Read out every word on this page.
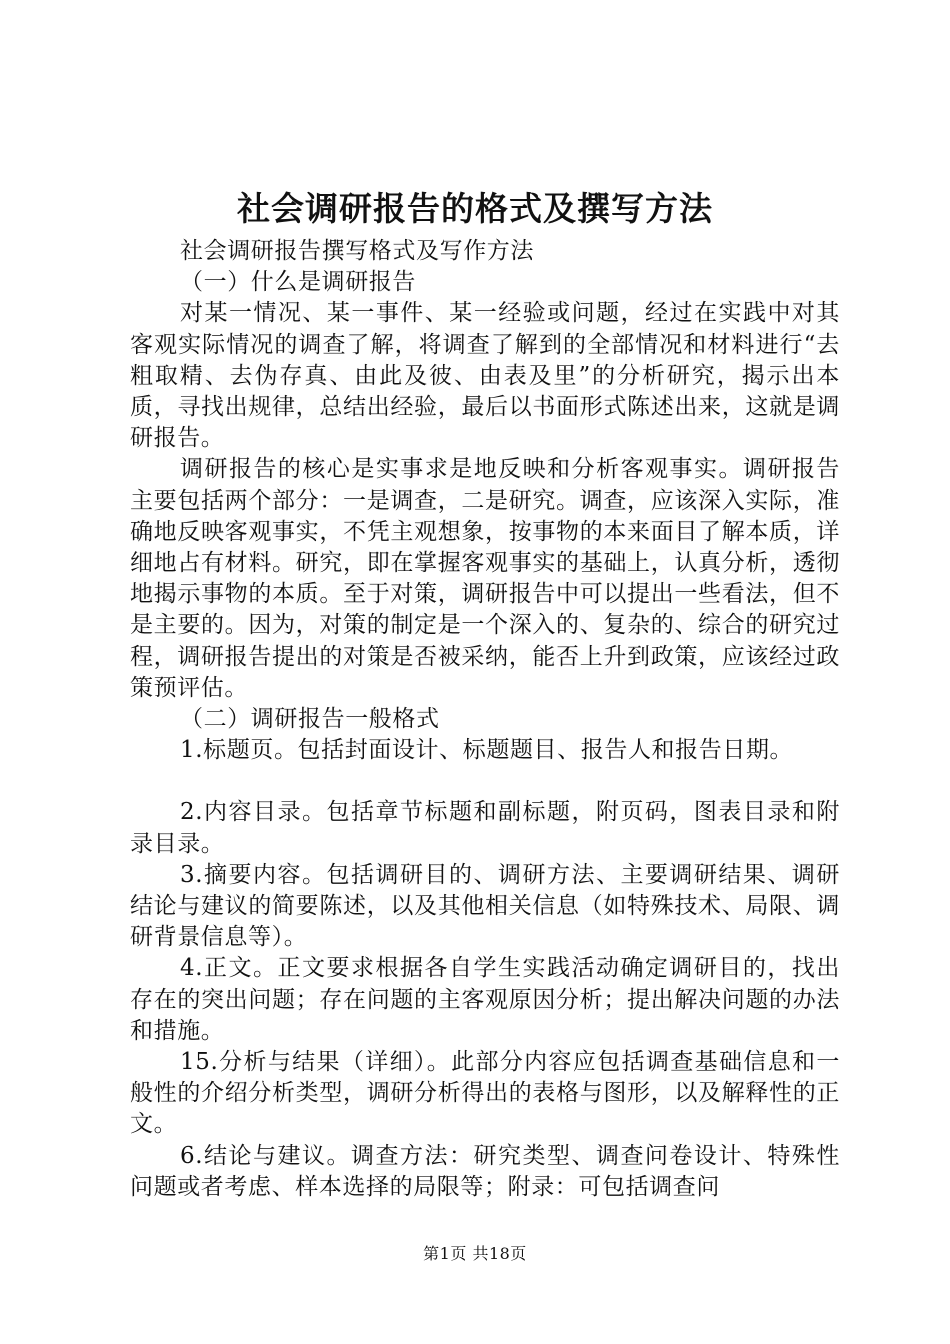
社会调研报告的格式及撰写方法

社会调研报告撰写格式及写作方法

（一）什么是调研报告

对某一情况、某一事件、某一经验或问题，经过在实践中对其客观实际情况的调查了解，将调查了解到的全部情况和材料进行“去粗取精、去伪存真、由此及彼、由表及里”的分析研究，揭示出本质，寻找出规律，总结出经验，最后以书面形式陈述出来，这就是调研报告。

调研报告的核心是实事求是地反映和分析客观事实。调研报告主要包括两个部分：一是调查，二是研究。调查，应该深入实际，准确地反映客观事实，不凭主观想象，按事物的本来面目了解本质，详细地占有材料。研究，即在掌握客观事实的基础上，认真分析，透彻地揭示事物的本质。至于对策，调研报告中可以提出一些看法，但不是主要的。因为，对策的制定是一个深入的、复杂的、综合的研究过程，调研报告提出的对策是否被采纳，能否上升到政策，应该经过政策预评估。

（二）调研报告一般格式

1.标题页。包括封面设计、标题题目、报告人和报告日期。

2.内容目录。包括章节标题和副标题，附页码，图表目录和附录目录。

3.摘要内容。包括调研目的、调研方法、主要调研结果、调研结论与建议的简要陈述，以及其他相关信息（如特殊技术、局限、调研背景信息等）。

4.正文。正文要求根据各自学生实践活动确定调研目的，找出存在的突出问题；存在问题的主客观原因分析；提出解决问题的办法和措施。

15.分析与结果（详细）。此部分内容应包括调查基础信息和一般性的介绍分析类型，调研分析得出的表格与图形，以及解释性的正文。

6.结论与建议。调查方法：研究类型、调查问卷设计、特殊性问题或者考虑、样本选择的局限等；附录：可包括调查问

第1页 共18页
